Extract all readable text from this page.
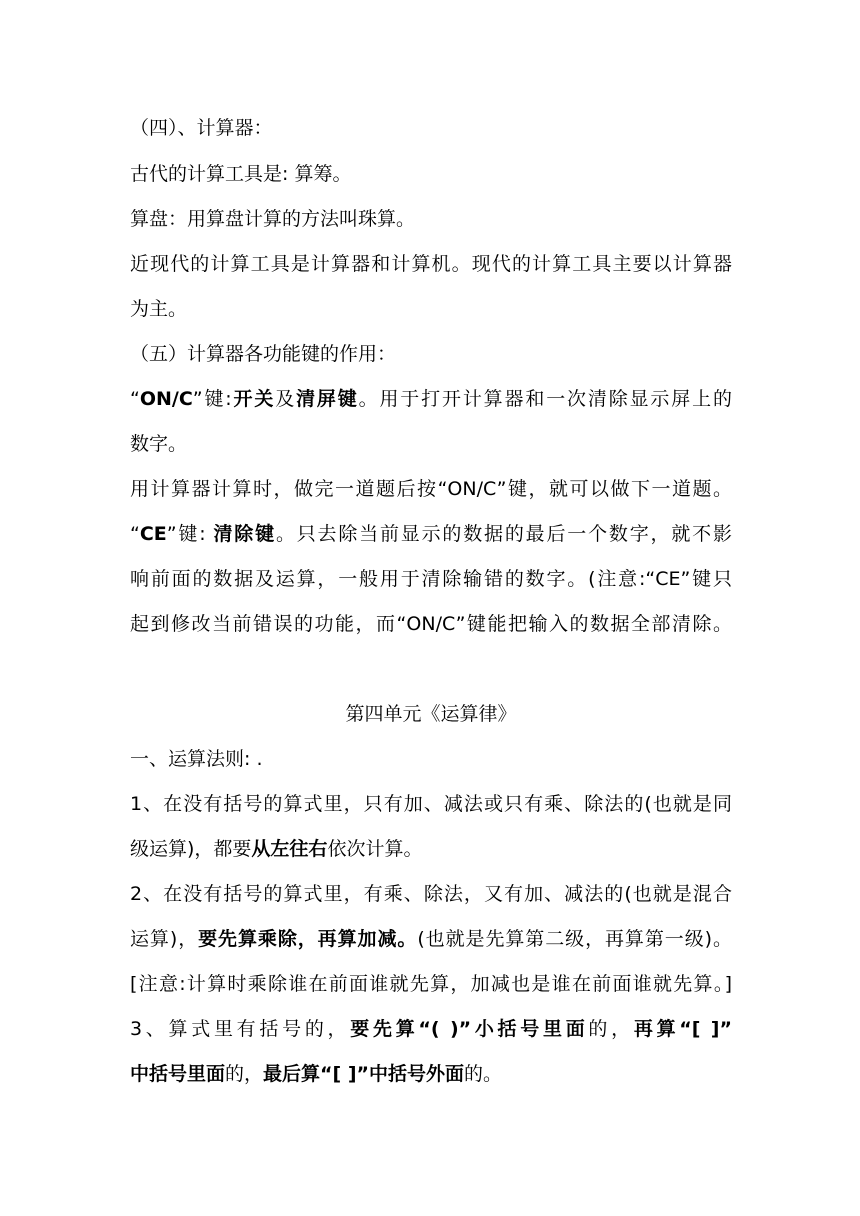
（四）、计算器：
古代的计算工具是: 算筹。
算盘：用算盘计算的方法叫珠算。
近现代的计算工具是计算器和计算机。现代的计算工具主要以计算器
为主。
（五）计算器各功能键的作用：
“ON/C”键:开关及清屏键。用于打开计算器和一次清除显示屏上的
数字。
用计算器计算时，做完一道题后按“ON/C”键，就可以做下一道题。
“CE”键: 清除键。只去除当前显示的数据的最后一个数字，就不影
响前面的数据及运算，一般用于清除输错的数字。(注意:“CE”键只
起到修改当前错误的功能，而“ON/C”键能把输入的数据全部清除。
第四单元《运算律》
一、运算法则: .
1、在没有括号的算式里，只有加、减法或只有乘、除法的(也就是同
级运算)，都要从左往右依次计算。
2、在没有括号的算式里，有乘、除法，又有加、减法的(也就是混合
运算)，要先算乘除，再算加减。(也就是先算第二级，再算第一级)。
[注意:计算时乘除谁在前面谁就先算，加减也是谁在前面谁就先算。]
3、算式里有括号的，要先算“( )”小括号里面的，再算“[ ]”
中括号里面的，最后算“[ ]”中括号外面的。
